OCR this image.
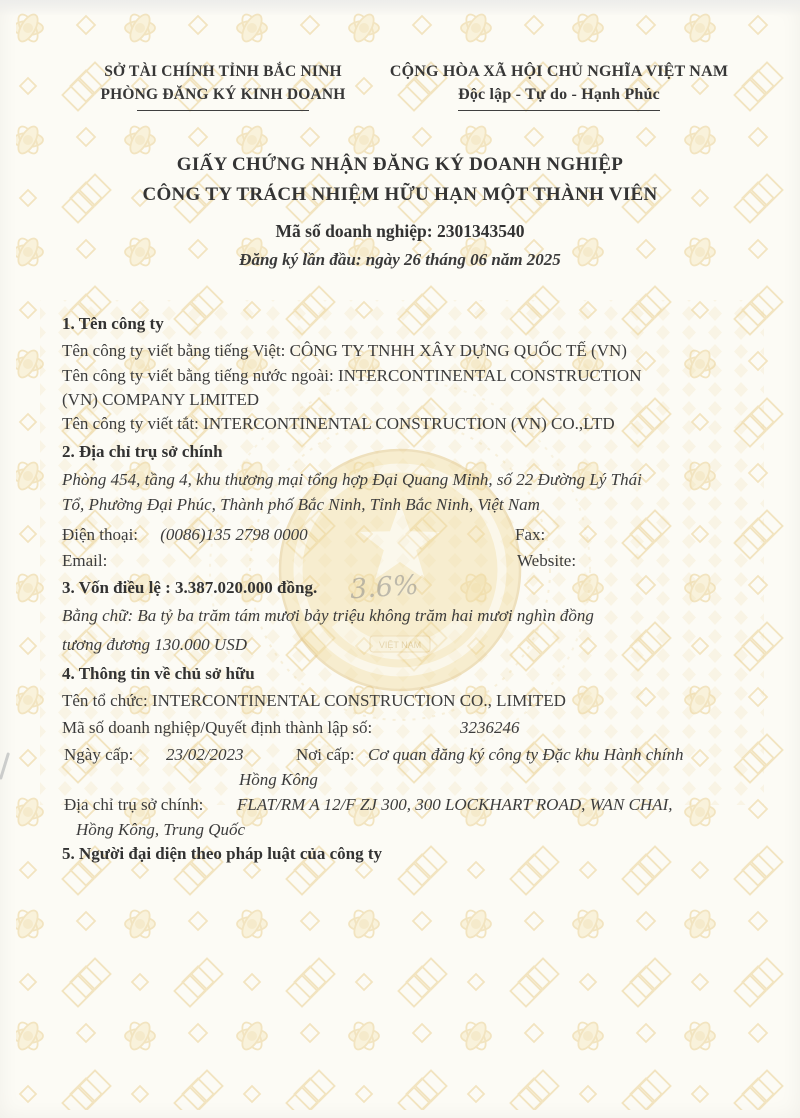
VIỆT NAM
3.6%
SỞ TÀI CHÍNH TỈNH BẮC NINH
PHÒNG ĐĂNG KÝ KINH DOANH
CỘNG HÒA XÃ HỘI CHỦ NGHĨA VIỆT NAM
Độc lập - Tự do - Hạnh Phúc
GIẤY CHỨNG NHẬN ĐĂNG KÝ DOANH NGHIỆP
CÔNG TY TRÁCH NHIỆM HỮU HẠN MỘT THÀNH VIÊN
Mã số doanh nghiệp: 2301343540
Đăng ký lần đầu: ngày 26 tháng 06 năm 2025
1. Tên công ty
Tên công ty viết bằng tiếng Việt: CÔNG TY TNHH XÂY DỰNG QUỐC TẾ (VN)
Tên công ty viết bằng tiếng nước ngoài: INTERCONTINENTAL CONSTRUCTION
(VN) COMPANY LIMITED
Tên công ty viết tắt: INTERCONTINENTAL CONSTRUCTION (VN) CO.,LTD
2. Địa chỉ trụ sở chính
Phòng 454, tầng 4, khu thương mại tổng hợp Đại Quang Minh, số 22 Đường Lý Thái
Tổ, Phường Đại Phúc, Thành phố Bắc Ninh, Tỉnh Bắc Ninh, Việt Nam
Điện thoại: (0086)135 2798 0000	Fax:
Email:	Website:
3. Vốn điều lệ : 3.387.020.000 đồng.
Bằng chữ: Ba tỷ ba trăm tám mươi bảy triệu không trăm hai mươi nghìn đồng
tương đương 130.000 USD
4. Thông tin về chủ sở hữu
Tên tổ chức: INTERCONTINENTAL CONSTRUCTION CO., LIMITED
Mã số doanh nghiệp/Quyết định thành lập số:	3236246
Ngày cấp: 23/02/2023	Nơi cấp: Cơ quan đăng ký công ty Đặc khu Hành chính
Hồng Kông
Địa chỉ trụ sở chính: FLAT/RM A 12/F ZJ 300, 300 LOCKHART ROAD, WAN CHAI,
Hồng Kông, Trung Quốc
5. Người đại diện theo pháp luật của công ty
